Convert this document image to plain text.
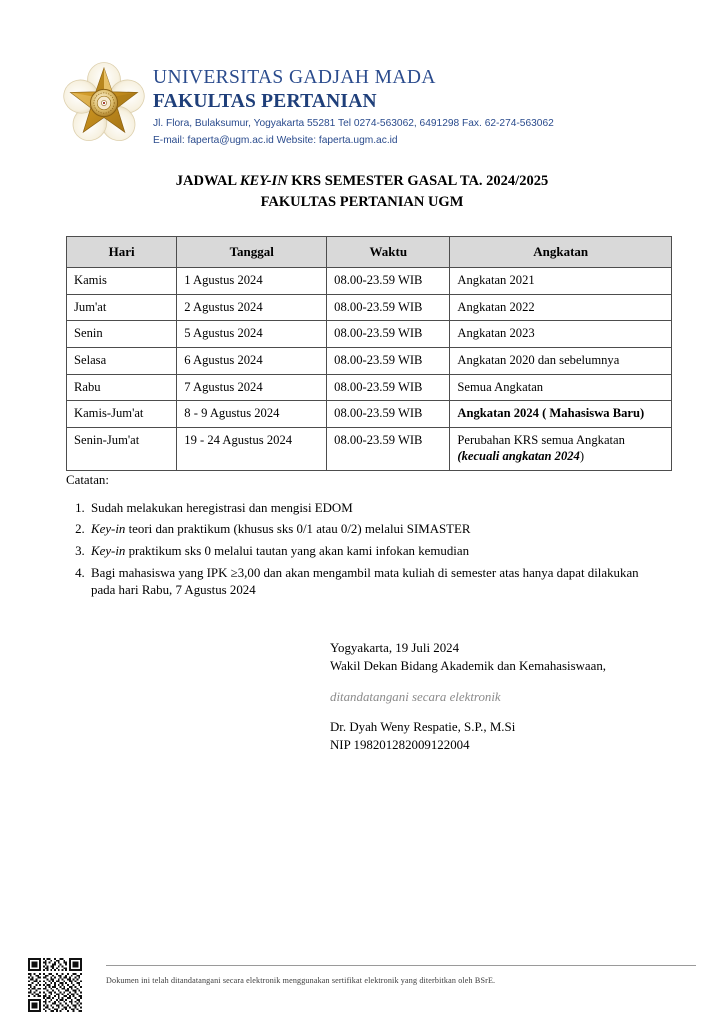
UNIVERSITAS GADJAH MADA
FAKULTAS PERTANIAN
Jl. Flora, Bulaksumur, Yogyakarta 55281 Tel 0274-563062, 6491298 Fax. 62-274-563062
E-mail: faperta@ugm.ac.id Website: faperta.ugm.ac.id
JADWAL KEY-IN KRS SEMESTER GASAL TA. 2024/2025
FAKULTAS PERTANIAN UGM
Hari	Tanggal	Waktu	Angkatan
Kamis	1 Agustus 2024	08.00-23.59 WIB	Angkatan 2021
Jum'at	2 Agustus 2024	08.00-23.59 WIB	Angkatan 2022
Senin	5 Agustus 2024	08.00-23.59 WIB	Angkatan 2023
Selasa	6 Agustus 2024	08.00-23.59 WIB	Angkatan 2020 dan sebelumnya
Rabu	7 Agustus 2024	08.00-23.59 WIB	Semua Angkatan
Kamis-Jum'at	8 - 9 Agustus 2024	08.00-23.59 WIB	Angkatan 2024 ( Mahasiswa Baru)
Senin-Jum'at	19 - 24 Agustus 2024	08.00-23.59 WIB	Perubahan KRS semua Angkatan
(kecuali angkatan 2024)
Catatan:
1. Sudah melakukan heregistrasi dan mengisi EDOM
2. Key-in teori dan praktikum (khusus sks 0/1 atau 0/2) melalui SIMASTER
3. Key-in praktikum sks 0 melalui tautan yang akan kami infokan kemudian
4. Bagi mahasiswa yang IPK ≥3,00 dan akan mengambil mata kuliah di semester atas hanya dapat dilakukan pada hari Rabu, 7 Agustus 2024
Yogyakarta, 19 Juli 2024
Wakil Dekan Bidang Akademik dan Kemahasiswaan,
ditandatangani secara elektronik
Dr. Dyah Weny Respatie, S.P., M.Si
NIP 198201282009122004
Dokumen ini telah ditandatangani secara elektronik menggunakan sertifikat elektronik yang diterbitkan oleh BSrE.
